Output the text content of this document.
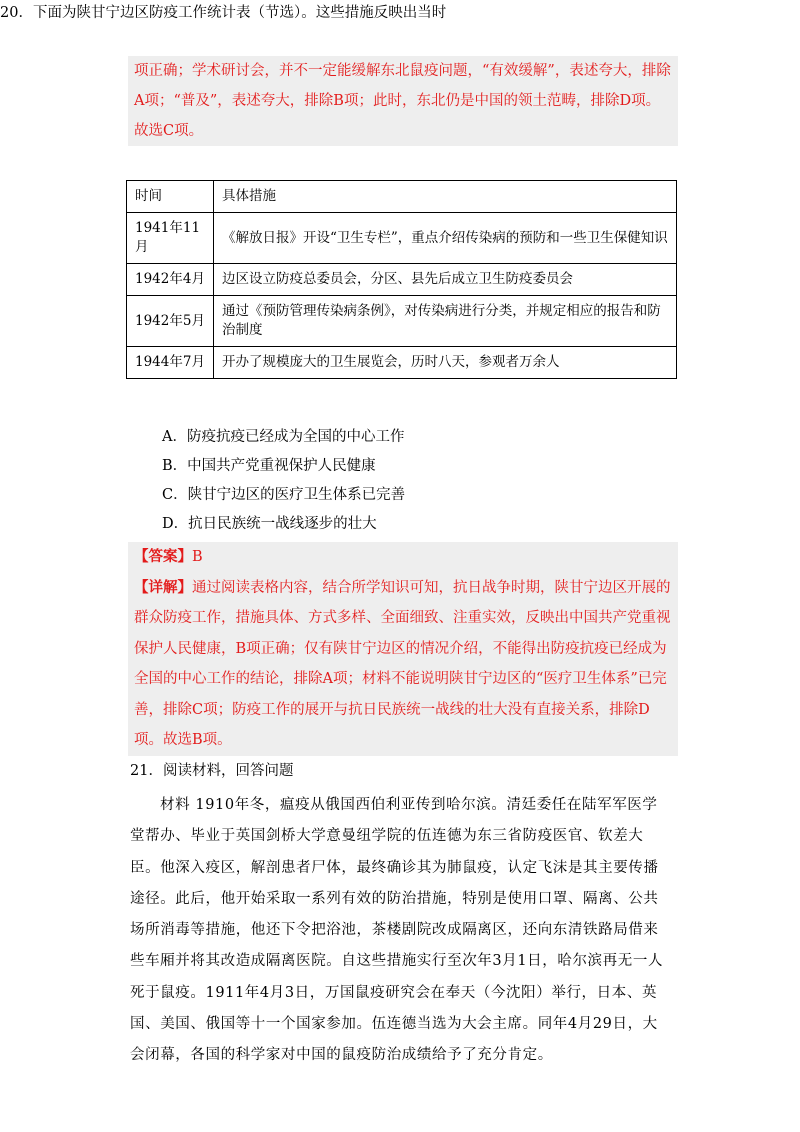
项正确；学术研讨会，并不一定能缓解东北鼠疫问题，“有效缓解”，表述夸大，排除A项；“普及”，表述夸大，排除B项；此时，东北仍是中国的领土范畴，排除D项。故选C项。
20．下面为陕甘宁边区防疫工作统计表（节选）。这些措施反映出当时
时间	具体措施
1941年11月	《解放日报》开设“卫生专栏”，重点介绍传染病的预防和一些卫生保健知识
1942年4月	边区设立防疫总委员会，分区、县先后成立卫生防疫委员会
1942年5月	通过《预防管理传染病条例》，对传染病进行分类，并规定相应的报告和防治制度
1944年7月	开办了规模庞大的卫生展览会，历时八天，参观者万余人
A．防疫抗疫已经成为全国的中心工作
B．中国共产党重视保护人民健康
C．陕甘宁边区的医疗卫生体系已完善
D．抗日民族统一战线逐步的壮大
【答案】B
【详解】通过阅读表格内容，结合所学知识可知，抗日战争时期，陕甘宁边区开展的群众防疫工作，措施具体、方式多样、全面细致、注重实效，反映出中国共产党重视保护人民健康，B项正确；仅有陕甘宁边区的情况介绍，不能得出防疫抗疫已经成为全国的中心工作的结论，排除A项；材料不能说明陕甘宁边区的“医疗卫生体系”已完善，排除C项；防疫工作的展开与抗日民族统一战线的壮大没有直接关系，排除D项。故选B项。
21．阅读材料，回答问题
材料 1910年冬，瘟疫从俄国西伯利亚传到哈尔滨。清廷委任在陆军军医学堂帮办、毕业于英国剑桥大学意曼纽学院的伍连德为东三省防疫医官、钦差大臣。他深入疫区，解剖患者尸体，最终确诊其为肺鼠疫，认定飞沫是其主要传播途径。此后，他开始采取一系列有效的防治措施，特别是使用口罩、隔离、公共场所消毒等措施，他还下令把浴池，茶楼剧院改成隔离区，还向东清铁路局借来些车厢并将其改造成隔离医院。自这些措施实行至次年3月1日，哈尔滨再无一人死于鼠疫。1911年4月3日，万国鼠疫研究会在奉天（今沈阳）举行，日本、英国、美国、俄国等十一个国家参加。伍连德当选为大会主席。同年4月29日，大会闭幕，各国的科学家对中国的鼠疫防治成绩给予了充分肯定。
